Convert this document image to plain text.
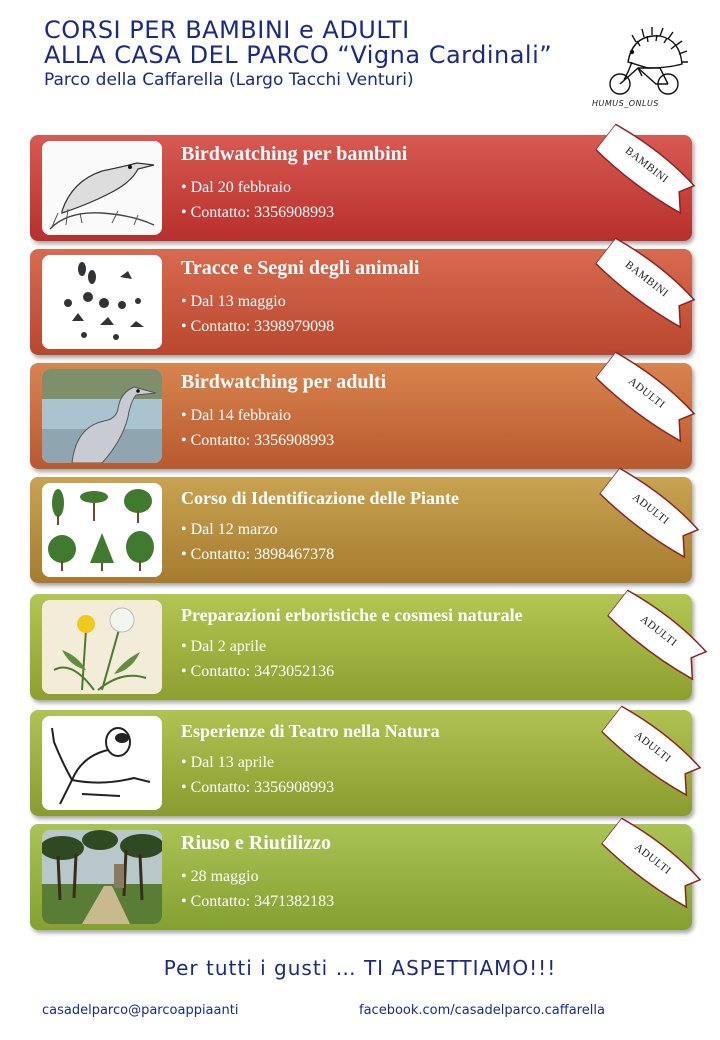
CORSI PER BAMBINI e ADULTI
ALLA CASA DEL PARCO “Vigna Cardinali”
Parco della Caffarella (Largo Tacchi Venturi)
HUMUS_ONLUS
Birdwatching per bambini
• Dal 20 febbraio
• Contatto: 3356908993
Tracce e Segni degli animali
• Dal 13 maggio
• Contatto: 3398979098
Birdwatching per adulti
• Dal 14 febbraio
• Contatto: 3356908993
Corso di Identificazione delle Piante
• Dal 12 marzo
• Contatto: 3898467378
Preparazioni erboristiche e cosmesi naturale
• Dal 2 aprile
• Contatto: 3473052136
Esperienze di Teatro nella Natura
• Dal 13 aprile
• Contatto: 3356908993
Riuso e Riutilizzo
• 28 maggio
• Contatto: 3471382183
BAMBINI
BAMBINI
ADULTI
ADULTI
ADULTI
ADULTI
ADULTI
Per tutti i gusti … TI ASPETTIAMO!!!
casadelparco@parcoappiaanti	facebook.com/casadelparco.caffarella
